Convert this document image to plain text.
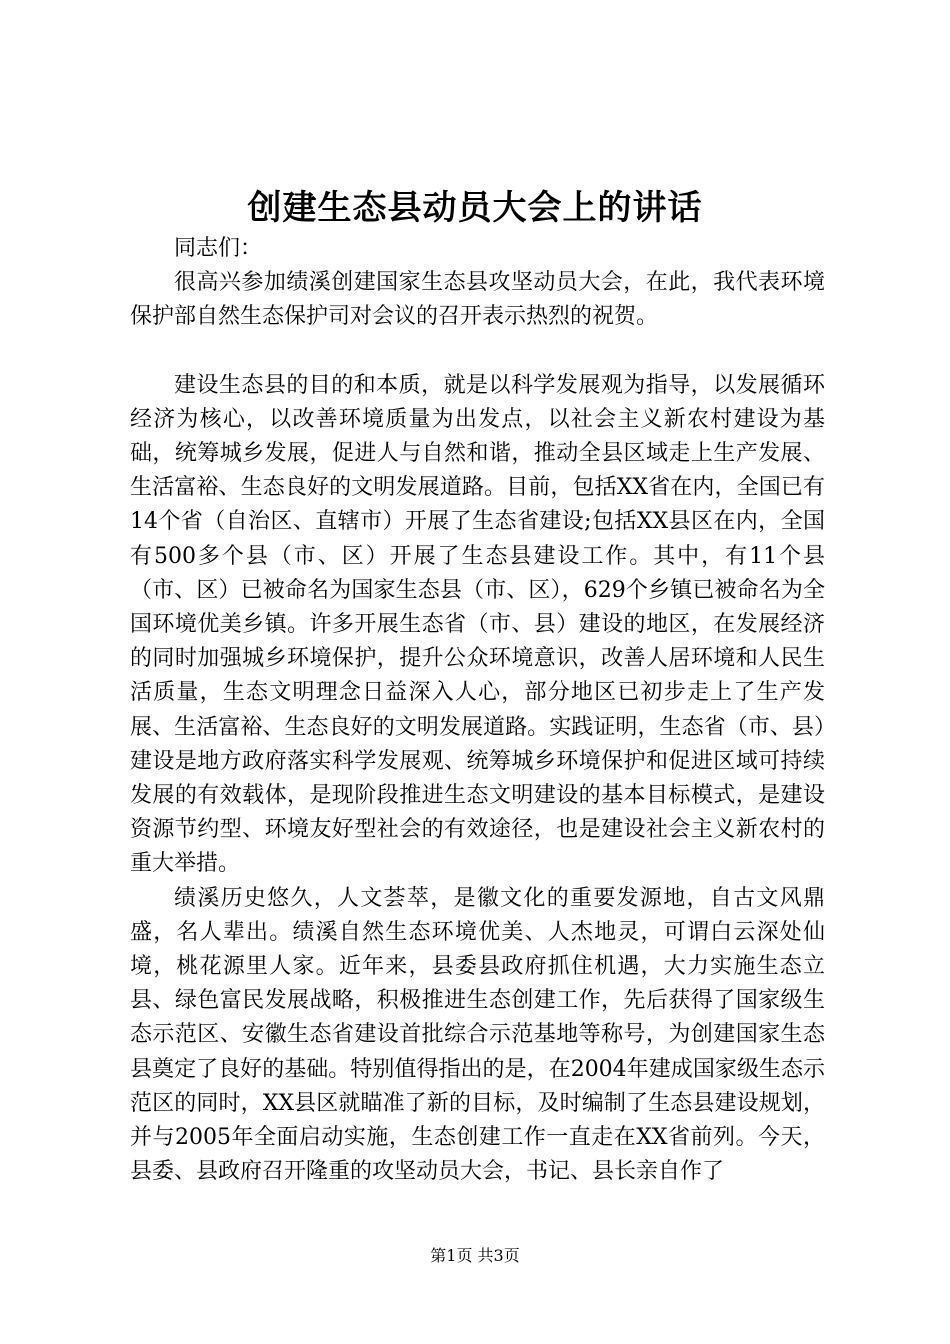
创建生态县动员大会上的讲话

同志们：

很高兴参加绩溪创建国家生态县攻坚动员大会，在此，我代表环境保护部自然生态保护司对会议的召开表示热烈的祝贺。

建设生态县的目的和本质，就是以科学发展观为指导，以发展循环经济为核心，以改善环境质量为出发点，以社会主义新农村建设为基础，统筹城乡发展，促进人与自然和谐，推动全县区域走上生产发展、生活富裕、生态良好的文明发展道路。目前，包括XX省在内，全国已有14个省（自治区、直辖市）开展了生态省建设;包括XX县区在内，全国有500多个县（市、区）开展了生态县建设工作。其中，有11个县（市、区）已被命名为国家生态县（市、区），629个乡镇已被命名为全国环境优美乡镇。许多开展生态省（市、县）建设的地区，在发展经济的同时加强城乡环境保护，提升公众环境意识，改善人居环境和人民生活质量，生态文明理念日益深入人心，部分地区已初步走上了生产发展、生活富裕、生态良好的文明发展道路。实践证明，生态省（市、县）建设是地方政府落实科学发展观、统筹城乡环境保护和促进区域可持续发展的有效载体，是现阶段推进生态文明建设的基本目标模式，是建设资源节约型、环境友好型社会的有效途径，也是建设社会主义新农村的重大举措。

绩溪历史悠久，人文荟萃，是徽文化的重要发源地，自古文风鼎盛，名人辈出。绩溪自然生态环境优美、人杰地灵，可谓白云深处仙境，桃花源里人家。近年来，县委县政府抓住机遇，大力实施生态立县、绿色富民发展战略，积极推进生态创建工作，先后获得了国家级生态示范区、安徽生态省建设首批综合示范基地等称号，为创建国家生态县奠定了良好的基础。特别值得指出的是，在2004年建成国家级生态示范区的同时，XX县区就瞄准了新的目标，及时编制了生态县建设规划，并与2005年全面启动实施，生态创建工作一直走在XX省前列。今天，县委、县政府召开隆重的攻坚动员大会，书记、县长亲自作了

第1页 共3页
